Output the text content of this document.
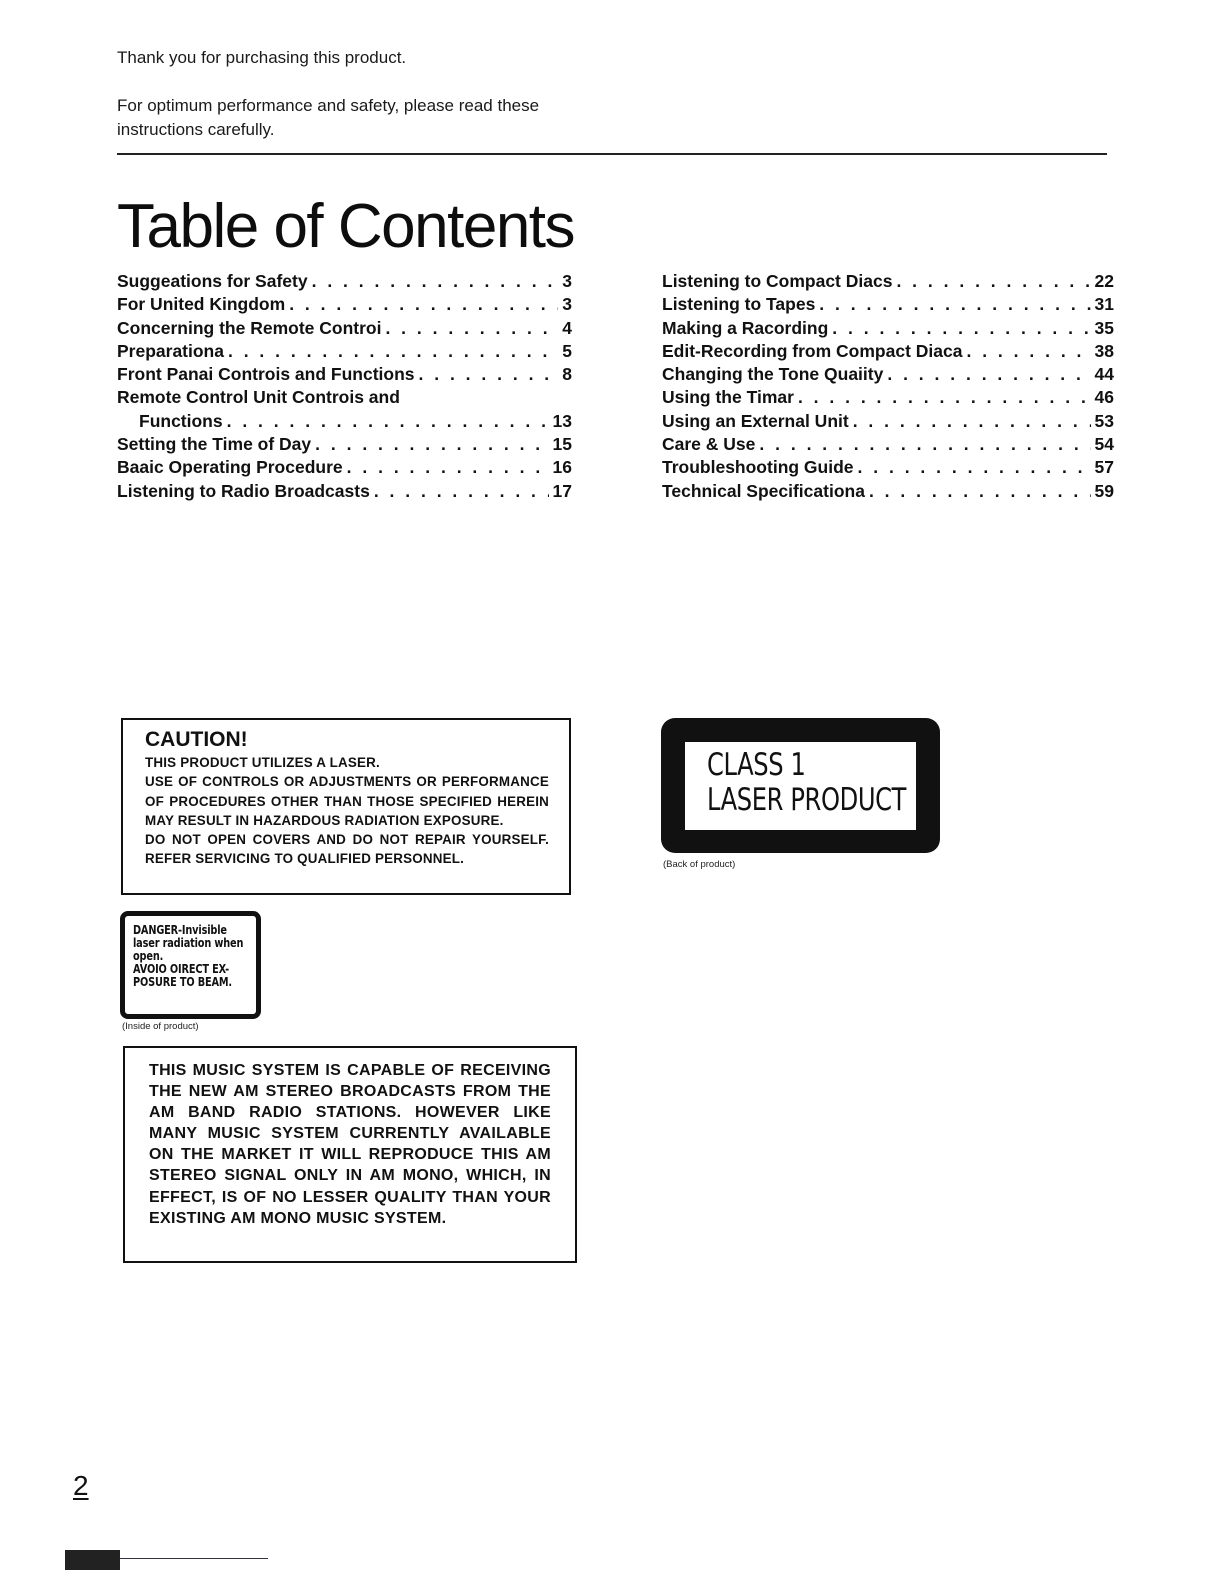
Thank you for purchasing this product.
For optimum performance and safety, please read these instructions carefully.
Table of Contents
Suggeations for Safety . . .	3
For United Kingdom . . .	3
Concerning the Remote Controi . . .	4
Preparationa . . .	5
Front Panai Controis and Functions . . .	8
Remote Control Unit Controis and
Functions . . .	13
Setting the Time of Day . . .	15
Baaic Operating Procedure . . .	16
Listening to Radio Broadcasts . . .	17
Listening to Compact Diacs . . .	22
Listening to Tapes . . .	31
Making a Racording . . .	35
Edit-Recording from Compact Diaca . . .	38
Changing the Tone Quaiity . . .	44
Using the Timar . . .	46
Using an External Unit . . .	53
Care & Use . . .	54
Troubleshooting Guide . . .	57
Technical Specificationa . . .	59
CAUTION!
THIS PRODUCT UTILIZES A LASER.
USE OF CONTROLS OR ADJUSTMENTS OR PERFORMANCE OF PROCEDURES OTHER THAN THOSE SPECIFIED HEREIN MAY RESULT IN HAZARDOUS RADIATION EXPOSURE.
DO NOT OPEN COVERS AND DO NOT REPAIR YOURSELF. REFER SERVICING TO QUALIFIED PERSONNEL.
CLASS 1
LASER PRODUCT
(Back of product)
DANGER-Invisible
laser radiation when
open.
AVOIO OIRECT EX-
POSURE TO BEAM.
(Inside of product)
THIS MUSIC SYSTEM IS CAPABLE OF RECEIVING THE NEW AM STEREO BROADCASTS FROM THE AM BAND RADIO STATIONS. HOWEVER LIKE MANY MUSIC SYSTEM CURRENTLY AVAILABLE ON THE MARKET IT WILL REPRODUCE THIS AM STEREO SIGNAL ONLY IN AM MONO, WHICH, IN EFFECT, IS OF NO LESSER QUALITY THAN YOUR EXISTING AM MONO MUSIC SYSTEM.
2
